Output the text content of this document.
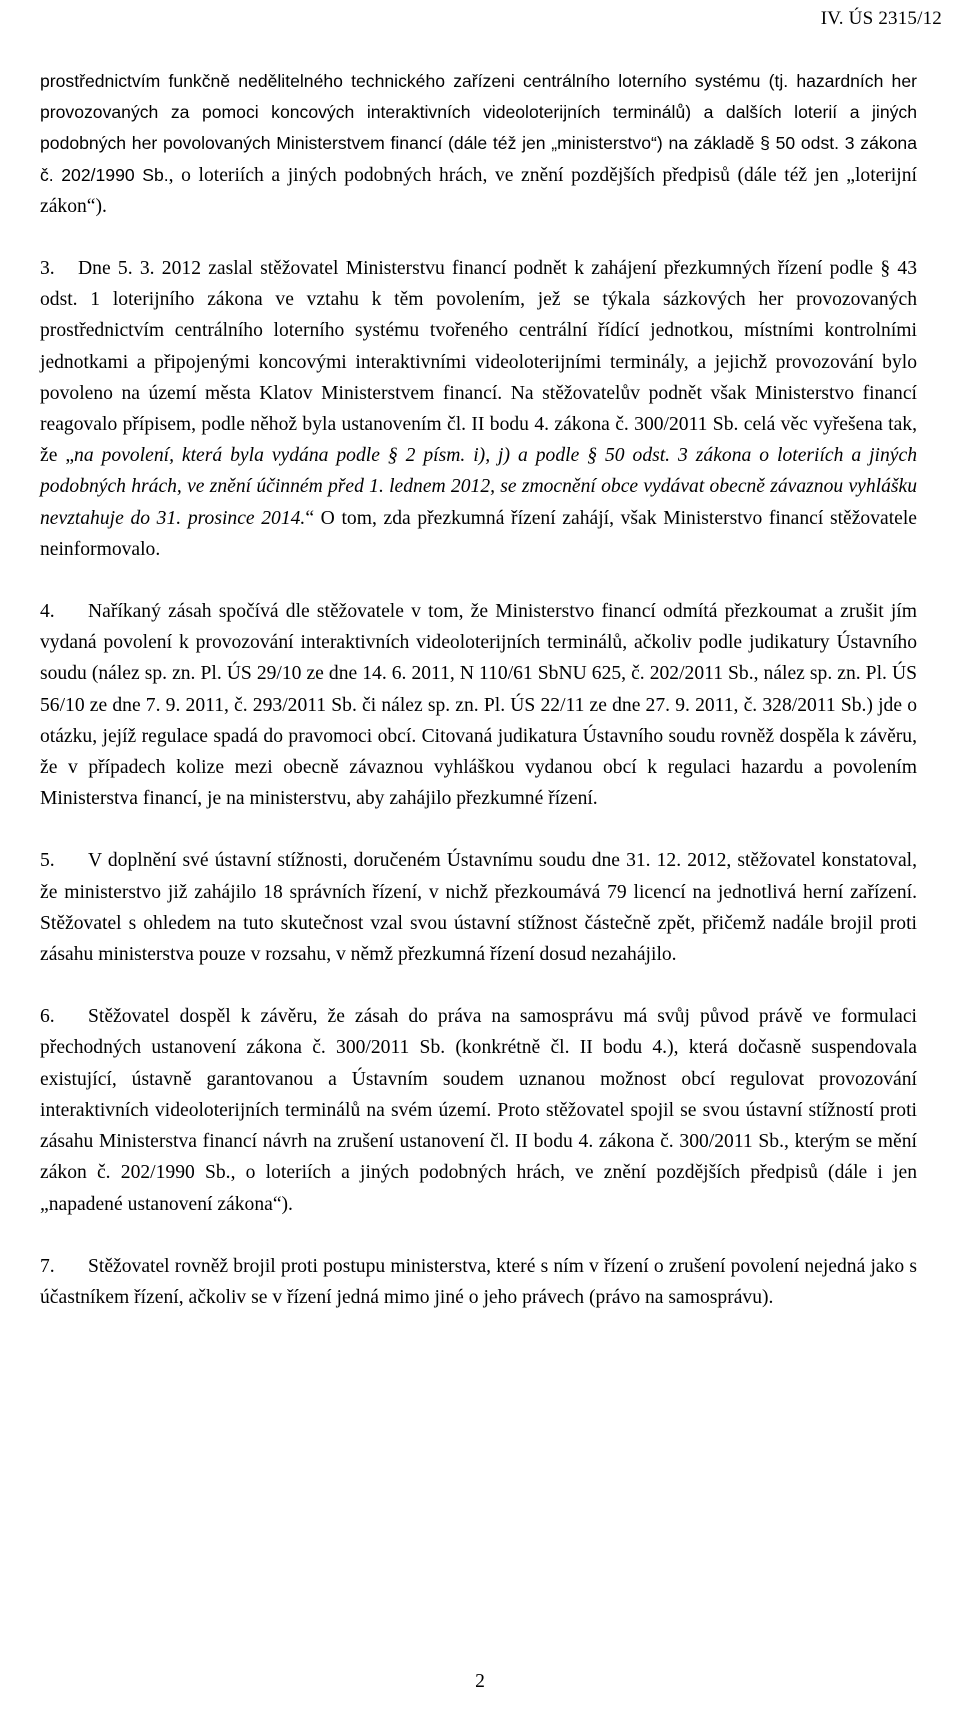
IV. ÚS 2315/12

prostřednictvím funkčně nedělitelného technického zařízeni centrálního loterního systému (tj. hazardních her provozovaných za pomoci koncových interaktivních videoloterijních terminálů) a dalších loterií a jiných podobných her povolovaných Ministerstvem financí (dále též jen „ministerstvo“) na základě § 50 odst. 3 zákona č. 202/1990 Sb., o loteriích a jiných podobných hrách, ve znění pozdějších předpisů (dále též jen „loterijní zákon“).

3. Dne 5. 3. 2012 zaslal stěžovatel Ministerstvu financí podnět k zahájení přezkumných řízení podle § 43 odst. 1 loterijního zákona ve vztahu k těm povolením, jež se týkala sázkových her provozovaných prostřednictvím centrálního loterního systému tvořeného centrální řídící jednotkou, místními kontrolními jednotkami a připojenými koncovými interaktivními videoloterijními terminály, a jejichž provozování bylo povoleno na území města Klatov Ministerstvem financí. Na stěžovatelův podnět však Ministerstvo financí reagovalo přípisem, podle něhož byla ustanovením čl. II bodu 4. zákona č. 300/2011 Sb. celá věc vyřešena tak, že „na povolení, která byla vydána podle § 2 písm. i), j) a podle § 50 odst. 3 zákona o loteriích a jiných podobných hrách, ve znění účinném před 1. lednem 2012, se zmocnění obce vydávat obecně závaznou vyhlášku nevztahuje do 31. prosince 2014.“ O tom, zda přezkumná řízení zahájí, však Ministerstvo financí stěžovatele neinformovalo.

4. Naříkaný zásah spočívá dle stěžovatele v tom, že Ministerstvo financí odmítá přezkoumat a zrušit jím vydaná povolení k provozování interaktivních videoloterijních terminálů, ačkoliv podle judikatury Ústavního soudu (nález sp. zn. Pl. ÚS 29/10 ze dne 14. 6. 2011, N 110/61 SbNU 625, č. 202/2011 Sb., nález sp. zn. Pl. ÚS 56/10 ze dne 7. 9. 2011, č. 293/2011 Sb. či nález sp. zn. Pl. ÚS 22/11 ze dne 27. 9. 2011, č. 328/2011 Sb.) jde o otázku, jejíž regulace spadá do pravomoci obcí. Citovaná judikatura Ústavního soudu rovněž dospěla k závěru, že v případech kolize mezi obecně závaznou vyhláškou vydanou obcí k regulaci hazardu a povolením Ministerstva financí, je na ministerstvu, aby zahájilo přezkumné řízení.

5. V doplnění své ústavní stížnosti, doručeném Ústavnímu soudu dne 31. 12. 2012, stěžovatel konstatoval, že ministerstvo již zahájilo 18 správních řízení, v nichž přezkoumává 79 licencí na jednotlivá herní zařízení. Stěžovatel s ohledem na tuto skutečnost vzal svou ústavní stížnost částečně zpět, přičemž nadále brojil proti zásahu ministerstva pouze v rozsahu, v němž přezkumná řízení dosud nezahájilo.

6. Stěžovatel dospěl k závěru, že zásah do práva na samosprávu má svůj původ právě ve formulaci přechodných ustanovení zákona č. 300/2011 Sb. (konkrétně čl. II bodu 4.), která dočasně suspendovala existující, ústavně garantovanou a Ústavním soudem uznanou možnost obcí regulovat provozování interaktivních videoloterijních terminálů na svém území. Proto stěžovatel spojil se svou ústavní stížností proti zásahu Ministerstva financí návrh na zrušení ustanovení čl. II bodu 4. zákona č. 300/2011 Sb., kterým se mění zákon č. 202/1990 Sb., o loteriích a jiných podobných hrách, ve znění pozdějších předpisů (dále i jen „napadené ustanovení zákona“).

7. Stěžovatel rovněž brojil proti postupu ministerstva, které s ním v řízení o zrušení povolení nejedná jako s účastníkem řízení, ačkoliv se v řízení jedná mimo jiné o jeho právech (právo na samosprávu).

2
